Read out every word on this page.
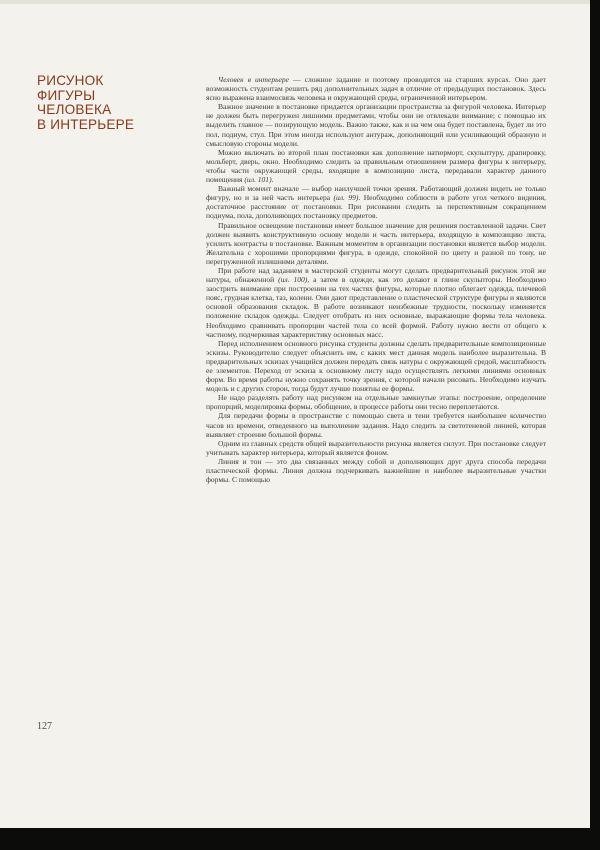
РИСУНОК
ФИГУРЫ
ЧЕЛОВЕКА
В ИНТЕРЬЕРЕ

Человек в интерьере — сложное задание и поэтому проводится на старших курсах. Оно дает возможность студентам решить ряд дополнительных задач в отличие от предыдущих постановок. Здесь ясно выражена взаимосвязь человека и окружающей среды, ограниченной интерьером.

Важное значение в постановке придается организации пространства за фигурой человека. Интерьер не должен быть перегружен лишними предметами, чтобы они не отвлекали внимание; с помощью их выделить главное — позирующую модель. Важно также, как и на чем она будет поставлена, будет ли это пол, подиум, стул. При этом иногда используют антураж, дополняющий или усиливающий образную и смысловую стороны модели.

Можно включать во второй план постановки как дополнение натюрморт, скульптуру, драпировку, мольберт, дверь, окно. Необходимо следить за правильным отношением размера фигуры к интерьеру, чтобы части окружающей среды, входящие в композицию листа, передавали характер данного помещения (ил. 101).

Важный момент вначале — выбор наилучшей точки зрения. Работающий должен видеть не только фигуру, но и за ней часть интерьера (ил. 99). Необходимо соблюсти в работе угол четкого видения, достаточное расстояние от постановки. При рисовании следить за перспективным сокращением подиума, пола, дополняющих постановку предметов.

Правильное освещение постановки имеет большое значение для решения поставленной задачи. Свет должен выявить конструктивную основу модели и часть интерьера, входящую в композицию листа, усилить контрасты в постановке. Важным моментом в организации постановки является выбор модели. Желательна с хорошими пропорциями фигура, в одежде, спокойной по цвету и разной по тону, не перегруженной излишними деталями.

При работе над заданием в мастерской студенты могут сделать предварительный рисунок этой же натуры, обнаженной (ил. 100), а затем в одежде, как это делают в глине скульпторы. Необходимо заострить внимание при построении на тех частях фигуры, которые плотно облегает одежда, плечевой пояс, грудная клетка, таз, колени. Они дают представление о пластической структуре фигуры и являются основой образования складок. В работе возникают неизбежные трудности, поскольку изменяется положение складок одежды. Следует отобрать из них основные, выражающие формы тела человека. Необходимо сравнивать пропорции частей тела со всей формой. Работу нужно вести от общего к частному, подчеркивая характеристику основных масс.

Перед исполнением основного рисунка студенты должны сделать предварительные композиционные эскизы. Руководителю следует объяснить им, с каких мест данная модель наиболее выразительна. В предварительных эскизах учащийся должен передать связь натуры с окружающей средой, масштабность ее элементов. Переход от эскиза к основному листу надо осуществлять легкими линиями основных форм. Во время работы нужно сохранять точку зрения, с которой начали рисовать. Необходимо изучать модель и с других сторон, тогда будут лучше понятны ее формы.

Не надо разделять работу над рисунком на отдельные замкнутые этапы: построение, определение пропорций, моделировка формы, обобщение, в процессе работы они тесно переплетаются.

Для передачи формы в пространстве с помощью света и тени требуется наибольшее количество часов из времени, отведенного на выполнение задания. Надо следить за светотеневой линией, которая выявляет строение большой формы.

Одним из главных средств общей выразительности рисунка является силуэт. При постановке следует учитывать характер интерьера, который является фоном.

Линия и тон — это два связанных между собой и дополняющих друг друга способа передачи пластической формы. Линия должна подчеркивать важнейшие и наиболее выразительные участки формы. С помощью

127
